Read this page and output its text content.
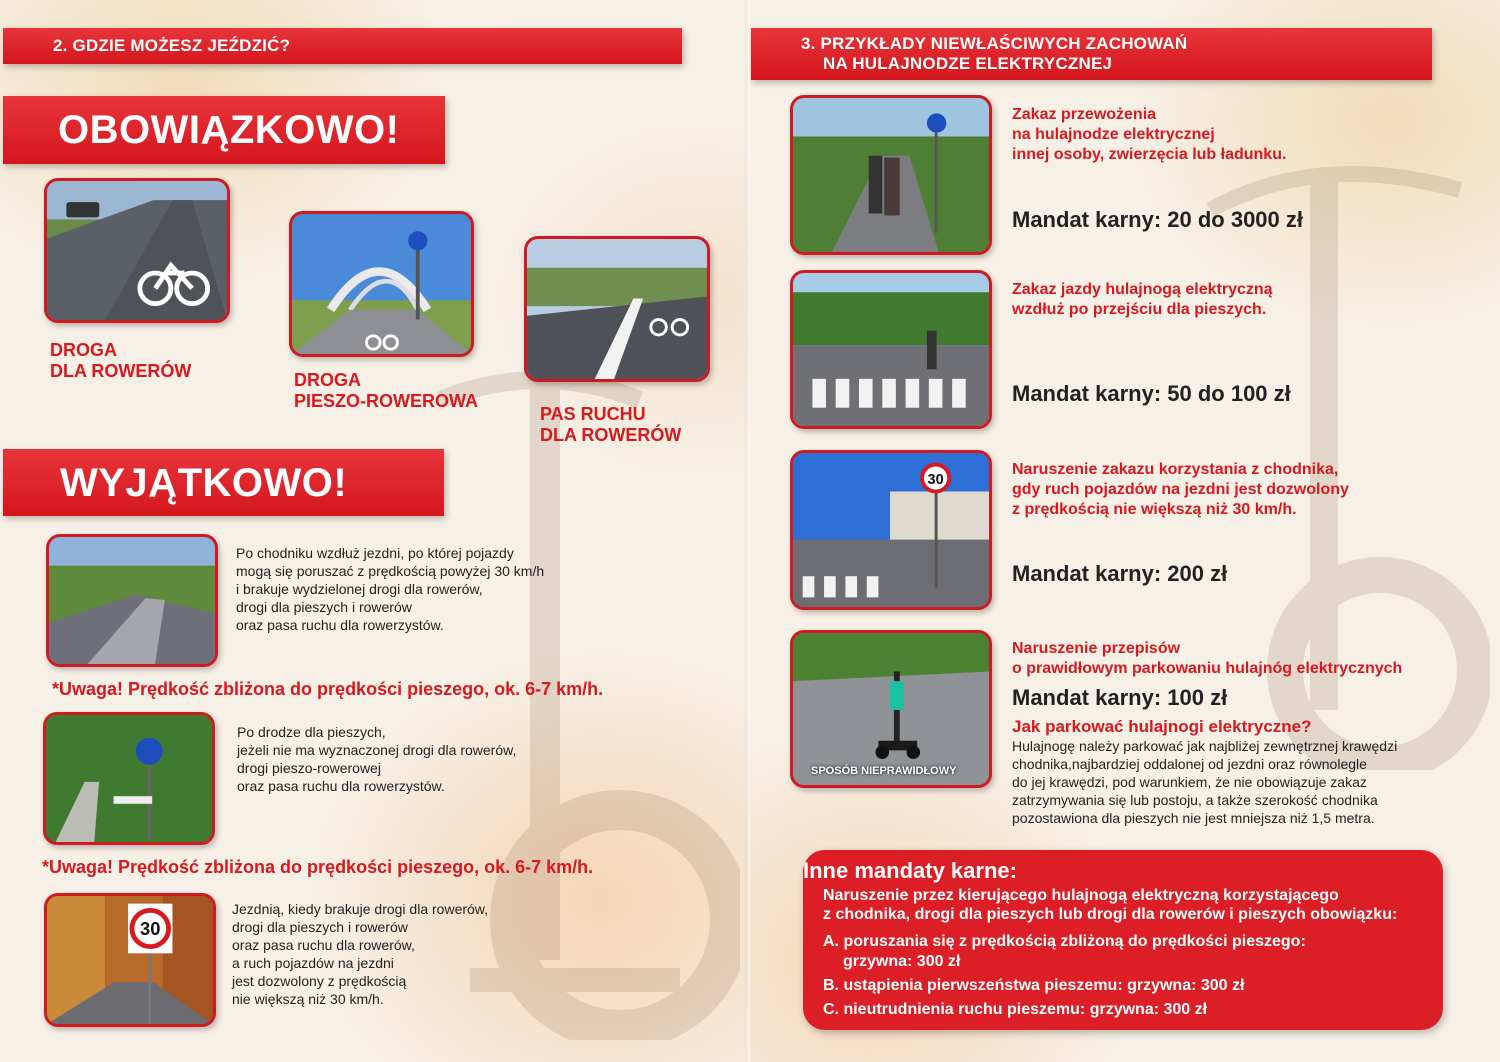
2. GDZIE MOŻESZ JEŹDZIĆ?
OBOWIĄZKOWO!
DROGA
DLA ROWERÓW	DROGA
PIESZO-ROWEROWA
PAS RUCHU
DLA ROWERÓW
WYJĄTKOWO!
Po chodniku wzdłuż jezdni, po której pojazdy
mogą się poruszać z prędkością powyżej 30 km/h
i brakuje wydzielonej drogi dla rowerów,
drogi dla pieszych i rowerów
oraz pasa ruchu dla rowerzystów.
*Uwaga! Prędkość zbliżona do prędkości pieszego, ok. 6-7 km/h.
Po drodze dla pieszych,
jeżeli nie ma wyznaczonej drogi dla rowerów,
drogi pieszo-rowerowej
oraz pasa ruchu dla rowerzystów.
*Uwaga! Prędkość zbliżona do prędkości pieszego, ok. 6-7 km/h.
30
Jezdnią, kiedy brakuje drogi dla rowerów,
drogi dla pieszych i rowerów
oraz pasa ruchu dla rowerów,
a ruch pojazdów na jezdni
jest dozwolony z prędkością
nie większą niż 30 km/h.
3. PRZYKŁADY NIEWŁAŚCIWYCH ZACHOWAŃ
NA HULAJNODZE ELEKTRYCZNEJ
Zakaz przewożenia
na hulajnodze elektrycznej
innej osoby, zwierzęcia lub ładunku.
Mandat karny: 20 do 3000 zł
Zakaz jazdy hulajnogą elektryczną
wzdłuż po przejściu dla pieszych.
Mandat karny: 50 do 100 zł
30
Naruszenie zakazu korzystania z chodnika,
gdy ruch pojazdów na jezdni jest dozwolony
z prędkością nie większą niż 30 km/h.
Mandat karny: 200 zł
SPOSÓB NIEPRAWIDŁOWY
Naruszenie przepisów
o prawidłowym parkowaniu hulajnóg elektrycznych
Mandat karny: 100 zł
Jak parkować hulajnogi elektryczne?
Hulajnogę należy parkować jak najbliżej zewnętrznej krawędzi
chodnika,najbardziej oddalonej od jezdni oraz równolegle
do jej krawędzi, pod warunkiem, że nie obowiązuje zakaz
zatrzymywania się lub postoju, a także szerokość chodnika
pozostawiona dla pieszych nie jest mniejsza niż 1,5 metra.
Inne mandaty karne:
Naruszenie przez kierującego hulajnogą elektryczną korzystającego
z chodnika, drogi dla pieszych lub drogi dla rowerów i pieszych obowiązku:
A. poruszania się z prędkością zbliżoną do prędkości pieszego:
grzywna: 300 zł
B. ustąpienia pierwszeństwa pieszemu: grzywna: 300 zł
C. nieutrudnienia ruchu pieszemu: grzywna: 300 zł
